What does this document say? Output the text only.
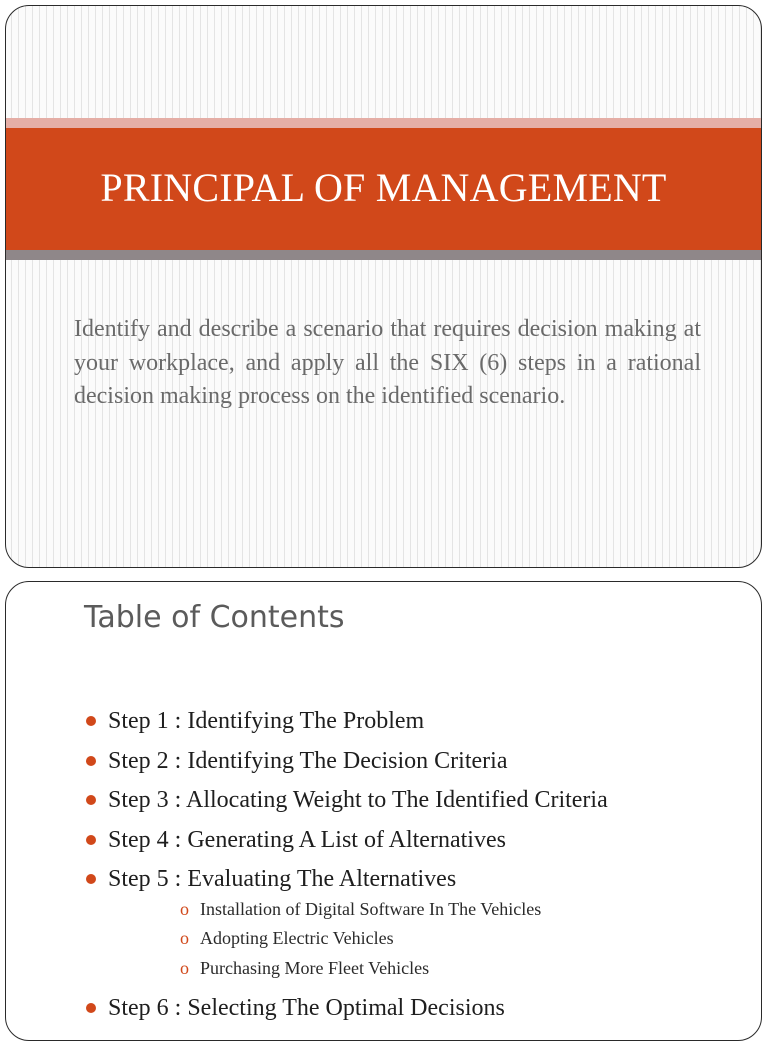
PRINCIPAL OF MANAGEMENT
Identify and describe a scenario that requires decision making at your workplace, and apply all the SIX (6) steps in a rational decision making process on the identified scenario.
Table of Contents
Step 1 : Identifying The Problem
Step 2 : Identifying The Decision Criteria
Step 3 : Allocating Weight to The Identified Criteria
Step 4 : Generating A List of Alternatives
Step 5 : Evaluating The Alternatives
o Installation of Digital Software In The Vehicles
o Adopting Electric Vehicles
o Purchasing More Fleet Vehicles
Step 6 : Selecting The Optimal Decisions
